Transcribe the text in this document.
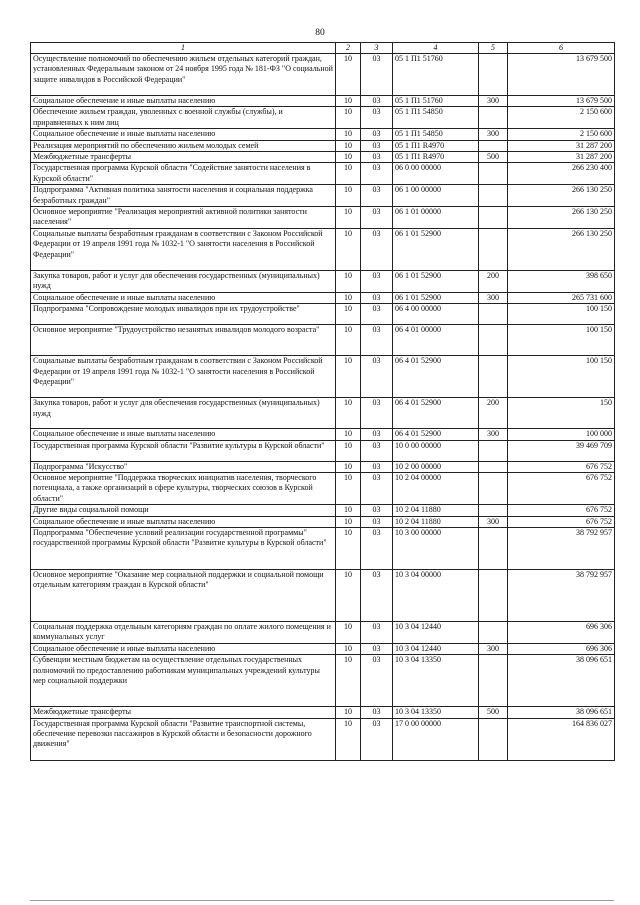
80
1	2	3	4	5	6
Осуществление полномочий по обеспечению жильем отдельных категорий граждан, установленных Федеральным законом от 24 ноября 1995 года № 181-ФЗ "О социальной защите инвалидов в Российской Федерации"	10	03	05 1 П1 51760		13 679 500
Социальное обеспечение и иные выплаты населению	10	03	05 1 П1 51760	300	13 679 500
Обеспечение жильем граждан, уволенных с военной службы (службы), и приравненных к ним лиц	10	03	05 1 П1 54850		2 150 600
Социальное обеспечение и иные выплаты населению	10	03	05 1 П1 54850	300	2 150 600
Реализация мероприятий по обеспечению жильем молодых семей	10	03	05 1 П1 R4970		31 287 200
Межбюджетные трансферты	10	03	05 1 П1 R4970	500	31 287 200
Государственная программа Курской области "Содействие занятости населения в Курской области"	10	03	06 0 00 00000		266 230 400
Подпрограмма "Активная политика занятости населения и социальная поддержка безработных граждан"	10	03	06 1 00 00000		266 130 250
Основное мероприятие "Реализация мероприятий активной политики занятости населения"	10	03	06 1 01 00000		266 130 250
Социальные выплаты безработным гражданам в соответствии с Законом Российской Федерации от 19 апреля 1991 года № 1032-1 "О занятости населения в Российской Федерации"	10	03	06 1 01 52900		266 130 250
Закупка товаров, работ и услуг для обеспечения государственных (муниципальных) нужд	10	03	06 1 01 52900	200	398 650
Социальное обеспечение и иные выплаты населению	10	03	06 1 01 52900	300	265 731 600
Подпрограмма "Сопровождение молодых инвалидов при их трудоустройстве"	10	03	06 4 00 00000		100 150
Основное мероприятие "Трудоустройство незанятых инвалидов молодого возраста"	10	03	06 4 01 00000		100 150
Социальные выплаты безработным гражданам в соответствии с Законом Российской Федерации от 19 апреля 1991 года № 1032-1 "О занятости населения в Российской Федерации"	10	03	06 4 01 52900		100 150
Закупка товаров, работ и услуг для обеспечения государственных (муниципальных) нужд	10	03	06 4 01 52900	200	150
Социальное обеспечение и иные выплаты населению	10	03	06 4 01 52900	300	100 000
Государственная программа Курской области "Развитие культуры в Курской области"	10	03	10 0 00 00000		39 469 709
Подпрограмма "Искусство"	10	03	10 2 00 00000		676 752
Основное мероприятие "Поддержка творческих инициатив населения, творческого потенциала, а также организаций в сфере культуры, творческих союзов в Курской области"	10	03	10 2 04 00000		676 752
Другие виды социальной помощи	10	03	10 2 04 11880		676 752
Социальное обеспечение и иные выплаты населению	10	03	10 2 04 11880	300	676 752
Подпрограмма "Обеспечение условий реализации государственной программы" государственной программы Курской области "Развитие культуры в Курской области"	10	03	10 3 00 00000		38 792 957
Основное мероприятие "Оказание мер социальной поддержки и социальной помощи отдельным категориям граждан в Курской области"	10	03	10 3 04 00000		38 792 957
Социальная поддержка отдельным категориям граждан по оплате жилого помещения и коммунальных услуг	10	03	10 3 04 12440		696 306
Социальное обеспечение и иные выплаты населению	10	03	10 3 04 12440	300	696 306
Субвенции местным бюджетам на осуществление отдельных государственных полномочий по предоставлению работникам муниципальных учреждений культуры мер социальной поддержки	10	03	10 3 04 13350		38 096 651
Межбюджетные трансферты	10	03	10 3 04 13350	500	38 096 651
Государственная программа Курской области "Развитие транспортной системы, обеспечение перевозки пассажиров в Курской области и безопасности дорожного движения"	10	03	17 0 00 00000		164 836 027
